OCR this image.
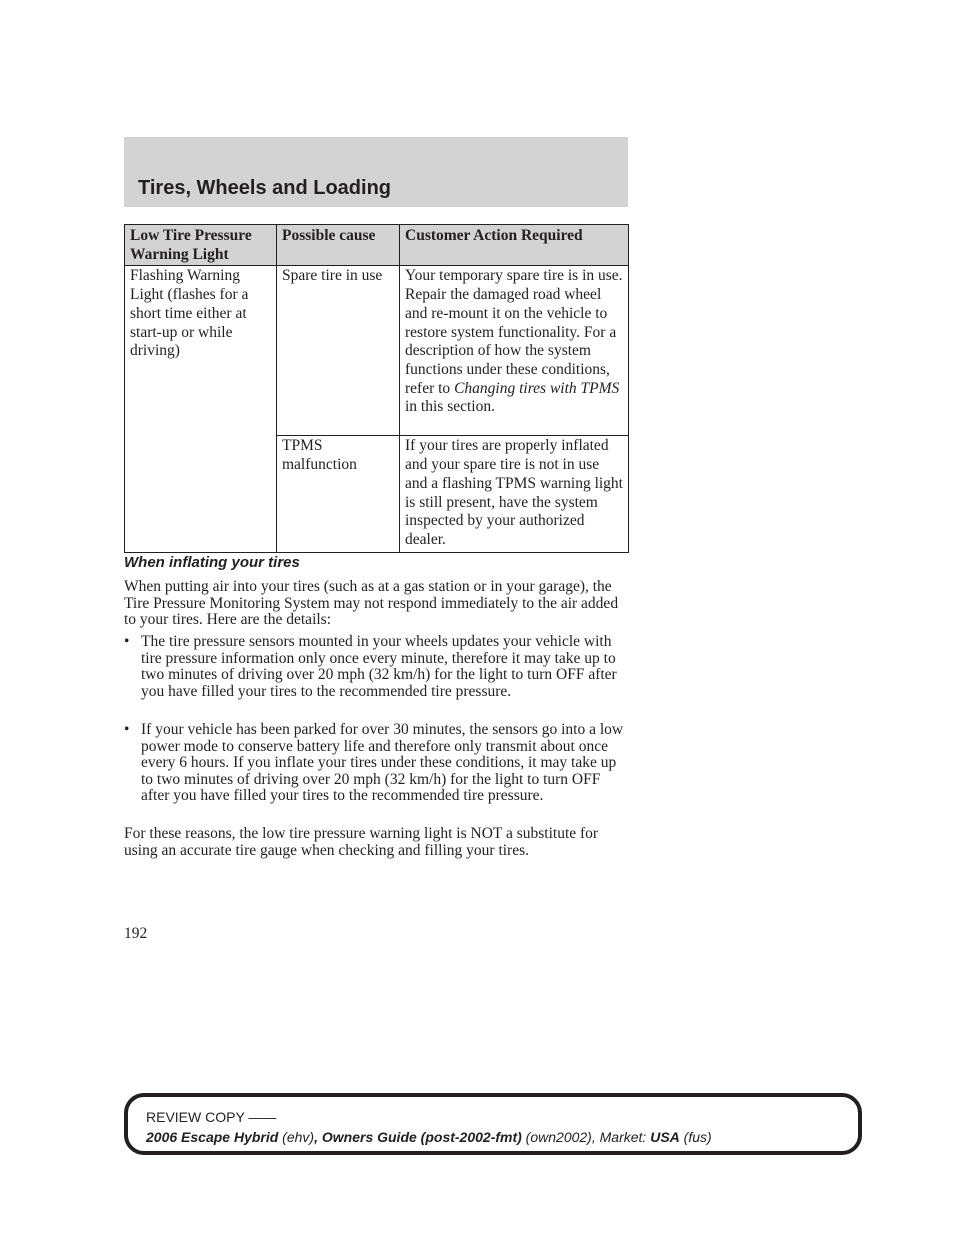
Tires, Wheels and Loading
Low Tire Pressure Warning Light	Possible cause	Customer Action Required
Flashing Warning Light (flashes for a short time either at start-up or while driving)	Spare tire in use	Your temporary spare tire is in use. Repair the damaged road wheel and re-mount it on the vehicle to restore system functionality. For a description of how the system functions under these conditions, refer to Changing tires with TPMS in this section.
	TPMS malfunction	If your tires are properly inflated and your spare tire is not in use and a flashing TPMS warning light is still present, have the system inspected by your authorized dealer.
When inflating your tires

When putting air into your tires (such as at a gas station or in your garage), the Tire Pressure Monitoring System may not respond immediately to the air added to your tires. Here are the details:

• The tire pressure sensors mounted in your wheels updates your vehicle with tire pressure information only once every minute, therefore it may take up to two minutes of driving over 20 mph (32 km/h) for the light to turn OFF after you have filled your tires to the recommended tire pressure.
• If your vehicle has been parked for over 30 minutes, the sensors go into a low power mode to conserve battery life and therefore only transmit about once every 6 hours. If you inflate your tires under these conditions, it may take up to two minutes of driving over 20 mph (32 km/h) for the light to turn OFF after you have filled your tires to the recommended tire pressure.

For these reasons, the low tire pressure warning light is NOT a substitute for using an accurate tire gauge when checking and filling your tires.

192
REVIEW COPY ——
2006 Escape Hybrid (ehv), Owners Guide (post-2002-fmt) (own2002), Market: USA (fus)
